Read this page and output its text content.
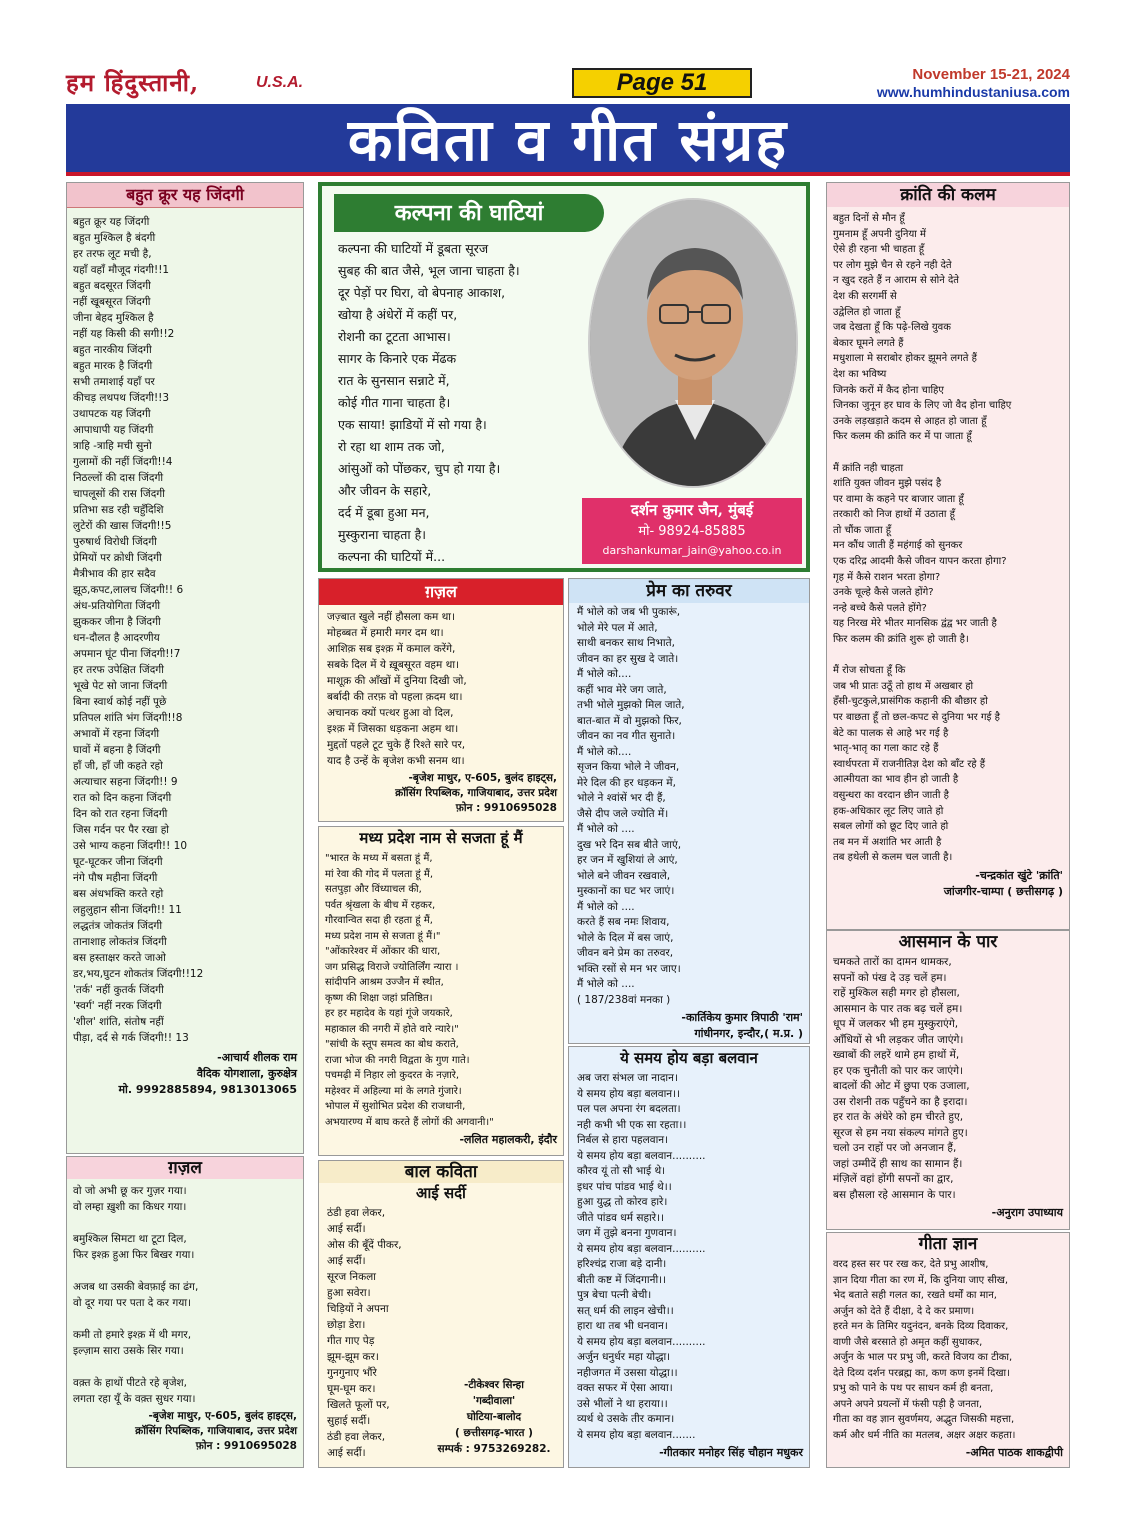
हम हिंदुस्तानी,	U.S.A.	Page 51	November 15-21, 2024
www.humhindustaniusa.com
कविता व गीत संग्रह
बहुत क्रूर यह जिंदगी
बहुत क्रूर यह जिंदगी
बहुत मुश्किल है बंदगी
हर तरफ लूट मची है,
यहाँ वहाँ मौजूद गंदगी!!1
बहुत बदसूरत जिंदगी
नहीं खूबसूरत जिंदगी
जीना बेहद मुश्किल है
नहीं यह किसी की सगी!!2
बहुत नारकीय जिंदगी
बहुत मारक है जिंदगी
सभी तमाशाई यहाँ पर
कीचड़ लथपथ जिंदगी!!3
उथापटक यह जिंदगी
आपाधापी यह जिंदगी
त्राहि -त्राहि मची सुनो
गुलामों की नहीं जिंदगी!!4
निठल्लों की दास जिंदगी
चापलूसों की रास जिंदगी
प्रतिभा सड रही चहुँदिशि
लुटेरों की खास जिंदगी!!5
पुरुषार्थ विरोधी जिंदगी
प्रेमियों पर क्रोधी जिंदगी
मैत्रीभाव की हार सदैव
झूठ,कपट,लालच जिंदगी!! 6
अंध-प्रतियोगिता जिंदगी
झुककर जीना है जिंदगी
धन-दौलत है आदरणीय
अपमान घूंट पीना जिंदगी!!7
हर तरफ उपेक्षित जिंदगी
भूखे पेट सो जाना जिंदगी
बिना स्वार्थ कोई नहीं पूछे
प्रतिपल शांति भंग जिंदगी!!8
अभावों में रहना जिंदगी
घावों में बहना है जिंदगी
हाँ जी, हाँ जी कहते रहो
अत्याचार सहना जिंदगी!! 9
रात को दिन कहना जिंदगी
दिन को रात रहना जिंदगी
जिस गर्दन पर पैर रखा हो
उसे भाग्य कहना जिंदगी!! 10
घूट-घूटकर जीना जिंदगी
नंगे पौष महीना जिंदगी
बस अंधभक्ति करते रहो
लहुलुहान सीना जिंदगी!! 11
लद्धतंत्र जोकतंत्र जिंदगी
तानाशाह लोकतंत्र जिंदगी
बस हस्ताक्षर करते जाओ
डर,भय,घुटन शोकतंत्र जिंदगी!!12
'तर्क' नहीं कुतर्क जिंदगी
'स्वर्ग' नहीं नरक जिंदगी
'शील' शांति, संतोष नहीं
पीड़ा, दर्द से गर्क जिंदगी!! 13
-आचार्य शीलक राम
वैदिक योगशाला, कुरुक्षेत्र
मो. 9992885894, 9813013065
ग़ज़ल
वो जो अभी छू कर गुज़र गया।
वो लम्हा ख़ुशी का किधर गया।

बमुश्किल सिमटा था टूटा दिल,
फिर इश्क़ हुआ फिर बिखर गया।

अजब था उसकी बेवफ़ाई का ढंग,
वो दूर गया पर पता दे कर गया।

कमी तो हमारे इश्क़ में थी मगर,
इल्ज़ाम सारा उसके सिर गया।

वक़्त के हाथों पीटते रहे बृजेश,
लगता रहा यूँ के वक़्त सुधर गया।
-बृजेश माथुर, ए-605, बुलंद हाइट्स,
क्रॉसिंग रिपब्लिक, गाजियाबाद, उत्तर प्रदेश
फ़ोन : 9910695028
कल्पना की घाटियां
कल्पना की घाटियों में डूबता सूरज
सुबह की बात जैसे, भूल जाना चाहता है।
दूर पेड़ों पर घिरा, वो बेपनाह आकाश,
खोया है अंधेरों में कहीं पर,
रोशनी का टूटता आभास।
सागर के किनारे एक मेंढक
रात के सुनसान सन्नाटे में,
कोई गीत गाना चाहता है।
एक साया! झाडियों में सो गया है।
रो रहा था शाम तक जो,
आंसुओं को पोंछकर, चुप हो गया है।
और जीवन के सहारे,
दर्द में डूबा हुआ मन,
मुस्कुराना चाहता है।
कल्पना की घाटियों में...
दर्शन कुमार जैन, मुंबई
मो- 98924-85885
darshankumar_jain@yahoo.co.in
ग़ज़ल
जज़्बात खुले नहीं हौसला कम था।
मोहब्बत में हमारी मगर दम था।
आशिक़ सब इश्क़ में कमाल करेंगे,
सबके दिल में ये ख़ूबसूरत वहम था।
माशूक़ की आँखों में दुनिया दिखी जो,
बर्बादी की तरफ़ वो पहला क़दम था।
अचानक क्यों पत्थर हुआ वो दिल,
इश्क़ में जिसका धड़कना अहम था।
मुद्दतों पहले टूट चुके हैं रिश्ते सारे पर,
याद है उन्हें के बृजेश कभी सनम था।
-बृजेश माथुर, ए-605, बुलंद हाइट्स,
क्रॉसिंग रिपब्लिक, गाजियाबाद, उत्तर प्रदेश
फ़ोन : 9910695028
मध्य प्रदेश नाम से सजता हूं मैं
"भारत के मध्य में बसता हूं मैं,
मां रेवा की गोद में पलता हूं मैं,
सतपुड़ा और विंध्याचल की,
पर्वत श्रृंखला के बीच में रहकर,
गौरवान्वित सदा ही रहता हूं मैं,
मध्य प्रदेश नाम से सजता हूं मैं।"
"ओंकारेश्वर में ओंकार की धारा,
जग प्रसिद्ध विराजे ज्योतिर्लिंग न्यारा ।
सांदीपनि आश्रम उज्जैन में स्थीत,
कृष्ण की शिक्षा जहां प्रतिष्ठित।
हर हर महादेव के यहां गूंजे जयकारे,
महाकाल की नगरी में होते वारे न्यारे।"
"सांची के स्तूप समत्व का बोध कराते,
राजा भोज की नगरी विद्वता के गुण गाते।
पचमढ़ी में निहार लो कुदरत के नज़ारे,
महेश्वर में अहिल्या मां के लगते गुंजारे।
भोपाल में सुशोभित प्रदेश की राजधानी,
अभयारण्य में बाघ करते हैं लोगों की अगवानी।"
-ललित महालकरी, इंदौर
बाल कविता
आई सर्दी
ठंडी हवा लेकर,
आई सर्दी।
ओस की बूँदें पीकर,
आई सर्दी।
सूरज निकला
हुआ सवेरा।
चिड़ियों ने अपना
छोड़ा डेरा।
गीत गाए पेड़
झूम-झूम कर।
गुनगुनाए भौंरे
घूम-घूम कर।
खिलते फूलों पर,
सुहाई सर्दी।
ठंडी हवा लेकर,
आई सर्दी।
-टीकेश्वर सिन्हा
'गब्दीवाला'
घोटिया-बालोद
( छत्तीसगढ़-भारत )
सम्पर्क : 9753269282.
प्रेम का तरुवर
मैं भोले को जब भी पुकारूं,
भोले मेरे पल में आते,
साथी बनकर साथ निभाते,
जीवन का हर सुख दे जाते।
मैं भोले को....
कहीं भाव मेरे जग जाते,
तभी भोले मुझको मिल जाते,
बात-बात में वो मुझको फिर,
जीवन का नव गीत सुनाते।
मैं भोले को....
सृजन किया भोले ने जीवन,
मेरे दिल की हर धड़कन में,
भोले ने श्वांसें भर दी हैं,
जैसे दीप जले ज्योति में।
मैं भोले को ....
दुख भरे दिन सब बीते जाएं,
हर जन में खुशियां ले आएं,
भोले बने जीवन रखवाले,
मुस्कानों का घट भर जाएं।
मैं भोले को ....
करते हैं सब नमः शिवाय,
भोले के दिल में बस जाएं,
जीवन बने प्रेम का तरुवर,
भक्ति रसों से मन भर जाए।
मैं भोले को ....
( 187/238वां मनका )
-कार्तिकेय कुमार त्रिपाठी 'राम'
गांधीनगर, इन्दौर,( म.प्र. )
ये समय होय बड़ा बलवान
अब जरा संभल जा नादान।
ये समय होय बड़ा बलवान।।
पल पल अपना रंग बदलता।
नही कभी भी एक सा रहता।।
निर्बल से हारा पहलवान।
ये समय होय बड़ा बलवान..........
कौरव यूं तो सौ भाई थे।
इधर पांच पांडव भाई थे।।
हुआ युद्ध तो कोरव हारे।
जीते पांडव धर्म सहारे।।
जग में तुझे बनना गुणवान।
ये समय होय बड़ा बलवान..........
हरिश्चंद्र राजा बड़े दानी।
बीती कष्ट में जिंदगानी।।
पुत्र बेचा पत्नी बेची।
सत् धर्म की लाइन खेची।।
हारा था तब भी धनवान।
ये समय होय बड़ा बलवान..........
अर्जुन धनुर्धर महा योद्धा।
नहीजगत में उससा योद्धा।।
वक्त सफर में ऐसा आया।
उसे भीलों ने था हराया।।
व्यर्थ थे उसके तीर कमान।
ये समय होय बड़ा बलवान.......
-गीतकार मनोहर सिंह चौहान मधुकर
क्रांति की कलम
बहुत दिनों से मौन हूँ
गुमनाम हूँ अपनी दुनिया में
ऐसे ही रहना भी चाहता हूँ
पर लोग मुझे चैन से रहने नही देते
न खुद रहते हैं न आराम से सोने देते
देश की सरगर्मी से
उद्वेलित हो जाता हूँ
जब देखता हूँ कि पढ़े-लिखे युवक
बेकार घूमने लगते हैं
मधुशाला मे सराबोर होकर झूमने लगते हैं
देश का भविष्य
जिनके करों में कैद होना चाहिए
जिनका जुनून हर घाव के लिए जो वैद होना चाहिए
उनके लड़खड़ाते कदम से आहत हो जाता हूँ
फिर कलम की क्रांति कर में पा जाता हूँ

मैं क्रांति नही चाहता
शांति युक्त जीवन मुझे पसंद है
पर वामा के कहने पर बाजार जाता हूँ
तरकारी को निज हाथों में उठाता हूँ
तो चौंक जाता हूँ
मन कौंध जाती हैं महंगाई को सुनकर
एक दरिद्र आदमी कैसे जीवन यापन करता होगा?
गृह में कैसे राशन भरता होगा?
उनके चूल्हे कैसे जलते होंगे?
नन्हे बच्चे कैसे पलते होंगे?
यह निरख मेरे भीतर मानसिक द्वंद्व भर जाती है
फिर कलम की क्रांति शुरू हो जाती है।

मैं रोज सोचता हूँ कि
जब भी प्रातः उठूँ तो हाथ में अखबार हो
हँसी-चुटकुले,प्रासंगिक कहानी की बौछार हो
पर बाछता हूँ तो छल-कपट से दुनिया भर गई है
बेटे का पालक से आहे भर गई है
भातृ-भातृ का गला काट रहे हैं
स्वार्थपरता में राजनीतिज्ञ देश को बाँट रहे हैं
आत्मीयता का भाव हीन हो जाती है
वसुन्धरा का वरदान छीन जाती है
हक-अधिकार लूट लिए जाते हो
सबल लोगों को छूट दिए जाते हो
तब मन में अशांति भर आती है
तब हथेली से कलम चल जाती है।
-चन्द्रकांत खुंटे 'क्रांति'
जांजगीर-चाम्पा ( छत्तीसगढ़ )
आसमान के पार
चमकते तारों का दामन थामकर,
सपनों को पंख दे उड़ चलें हम।
राहें मुश्किल सही मगर हो हौसला,
आसमान के पार तक बढ़ चलें हम।
धूप में जलकर भी हम मुस्कुराएंगे,
आँधियों से भी लड़कर जीत जाएंगे।
ख्वाबों की लहरें थामे हम हाथों में,
हर एक चुनौती को पार कर जाएंगे।
बादलों की ओट में छुपा एक उजाला,
उस रोशनी तक पहुँचने का है इरादा।
हर रात के अंधेरे को हम चीरते हुए,
सूरज से हम नया संकल्प मांगते हुए।
चलो उन राहों पर जो अनजान हैं,
जहां उम्मीदें ही साथ का सामान हैं।
मंज़िलें वहां होंगी सपनों का द्वार,
बस हौसला रहे आसमान के पार।
-अनुराग उपाध्याय
गीता ज्ञान
वरद हस्त सर पर रख कर, देते प्रभु आशीष,
ज्ञान दिया गीता का रण में, कि दुनिया जाए सीख,
भेद बताते सही गलत का, रखते धर्मों का मान,
अर्जुन को देते हैं दीक्षा, दे दे कर प्रमाण।
हरते मन के तिमिर यदुनंदन, बनके दिव्य दिवाकर,
वाणी जैसे बरसाते हो अमृत कहीं सुधाकर,
अर्जुन के भाल पर प्रभु जी, करते विजय का टीका,
देते दिव्य दर्शन परब्रह्म का, कण कण इनमें दिखा।
प्रभु को पाने के पथ पर साधन कर्म ही बनता,
अपने अपने प्रयत्नों में फंसी पड़ी है जनता,
गीता का वह ज्ञान सुवर्णमय, अद्भुत जिसकी महत्ता,
कर्म और धर्म नीति का मतलब, अक्षर अक्षर कहता।
-अमित पाठक शाकद्वीपी
